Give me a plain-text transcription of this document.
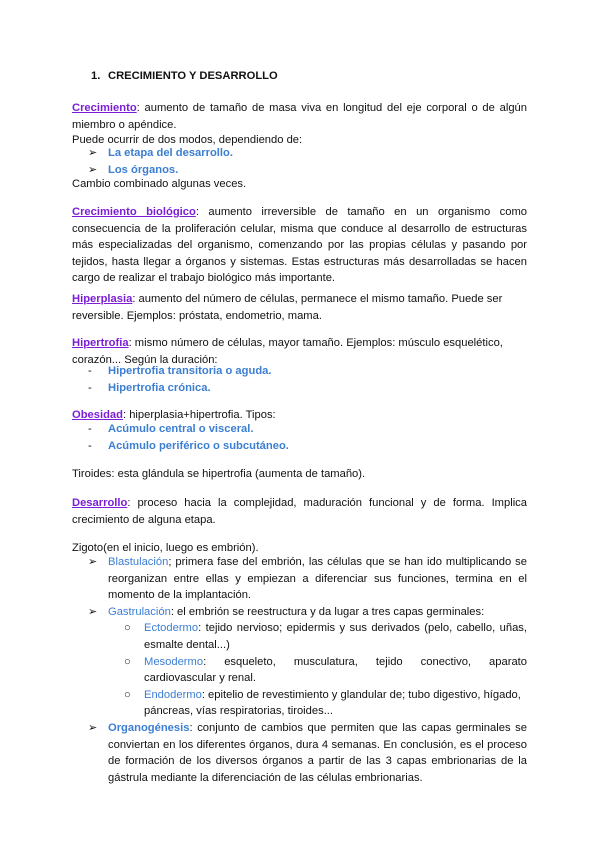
1. CRECIMIENTO Y DESARROLLO
Crecimiento: aumento de tamaño de masa viva en longitud del eje corporal o de algún miembro o apéndice.
Puede ocurrir de dos modos, dependiendo de:
➢ La etapa del desarrollo.
➢ Los órganos.
Cambio combinado algunas veces.
Crecimiento biológico: aumento irreversible de tamaño en un organismo como consecuencia de la proliferación celular, misma que conduce al desarrollo de estructuras más especializadas del organismo, comenzando por las propias células y pasando por tejidos, hasta llegar a órganos y sistemas. Estas estructuras más desarrolladas se hacen cargo de realizar el trabajo biológico más importante.
Hiperplasia: aumento del número de células, permanece el mismo tamaño. Puede ser reversible. Ejemplos: próstata, endometrio, mama.
Hipertrofia: mismo número de células, mayor tamaño. Ejemplos: músculo esquelético, corazón... Según la duración:
-	Hipertrofia transitoria o aguda.
-	Hipertrofia crónica.
Obesidad: hiperplasia+hipertrofia. Tipos:
-	Acúmulo central o visceral.
-	Acúmulo periférico o subcutáneo.
Tiroides: esta glándula se hipertrofia (aumenta de tamaño).
Desarrollo: proceso hacia la complejidad, maduración funcional y de forma. Implica crecimiento de alguna etapa.
Zigoto(en el inicio, luego es embrión).
➢ Blastulación; primera fase del embrión, las células que se han ido multiplicando se reorganizan entre ellas y empiezan a diferenciar sus funciones, termina en el momento de la implantación.
➢ Gastrulación: el embrión se reestructura y da lugar a tres capas germinales:
○	Ectodermo: tejido nervioso; epidermis y sus derivados (pelo, cabello, uñas, esmalte dental...)
○	Mesodermo: esqueleto, musculatura, tejido conectivo, aparato cardiovascular y renal.
○	Endodermo: epitelio de revestimiento y glandular de; tubo digestivo, hígado, páncreas, vías respiratorias, tiroides...
➢ Organogénesis: conjunto de cambios que permiten que las capas germinales se conviertan en los diferentes órganos, dura 4 semanas. En conclusión, es el proceso de formación de los diversos órganos a partir de las 3 capas embrionarias de la gástrula mediante la diferenciación de las células embrionarias.
